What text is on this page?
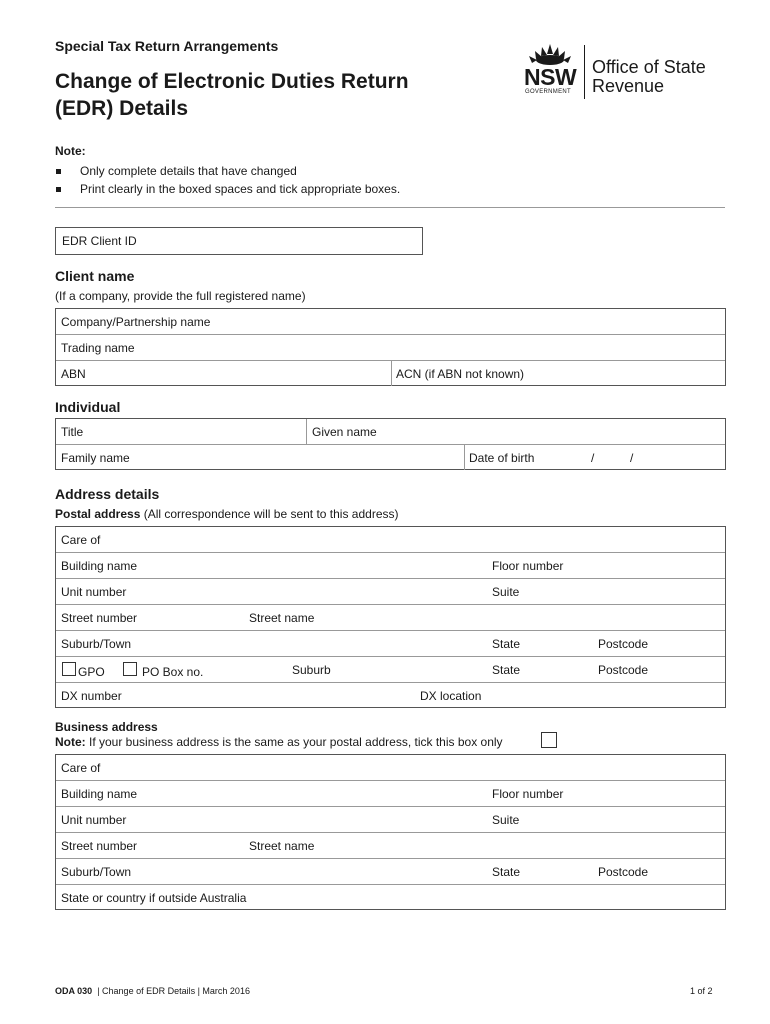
Special Tax Return Arrangements
Change of Electronic Duties Return (EDR) Details
NSW
GOVERNMENT
Office of State Revenue
Note:
Only complete details that have changed
Print clearly in the boxed spaces and tick appropriate boxes.
EDR Client ID
Client name
(If a company, provide the full registered name)
Company/Partnership name
Trading name
ABN	ACN (if ABN not known)
Individual
Title	Given name
Family name	Date of birth	/	/
Address details
Postal address (All correspondence will be sent to this address)
Care of
Building name	Floor number
Unit number	Suite
Street number	Street name
Suburb/Town	State	Postcode
GPO	PO Box no.	Suburb	State	Postcode
DX number	DX location
Business address
Note: If your business address is the same as your postal address, tick this box only
Care of
Building name	Floor number
Unit number	Suite
Street number	Street name
Suburb/Town	State	Postcode
State or country if outside Australia
ODA 030 | Change of EDR Details | March 2016	1 of 2
